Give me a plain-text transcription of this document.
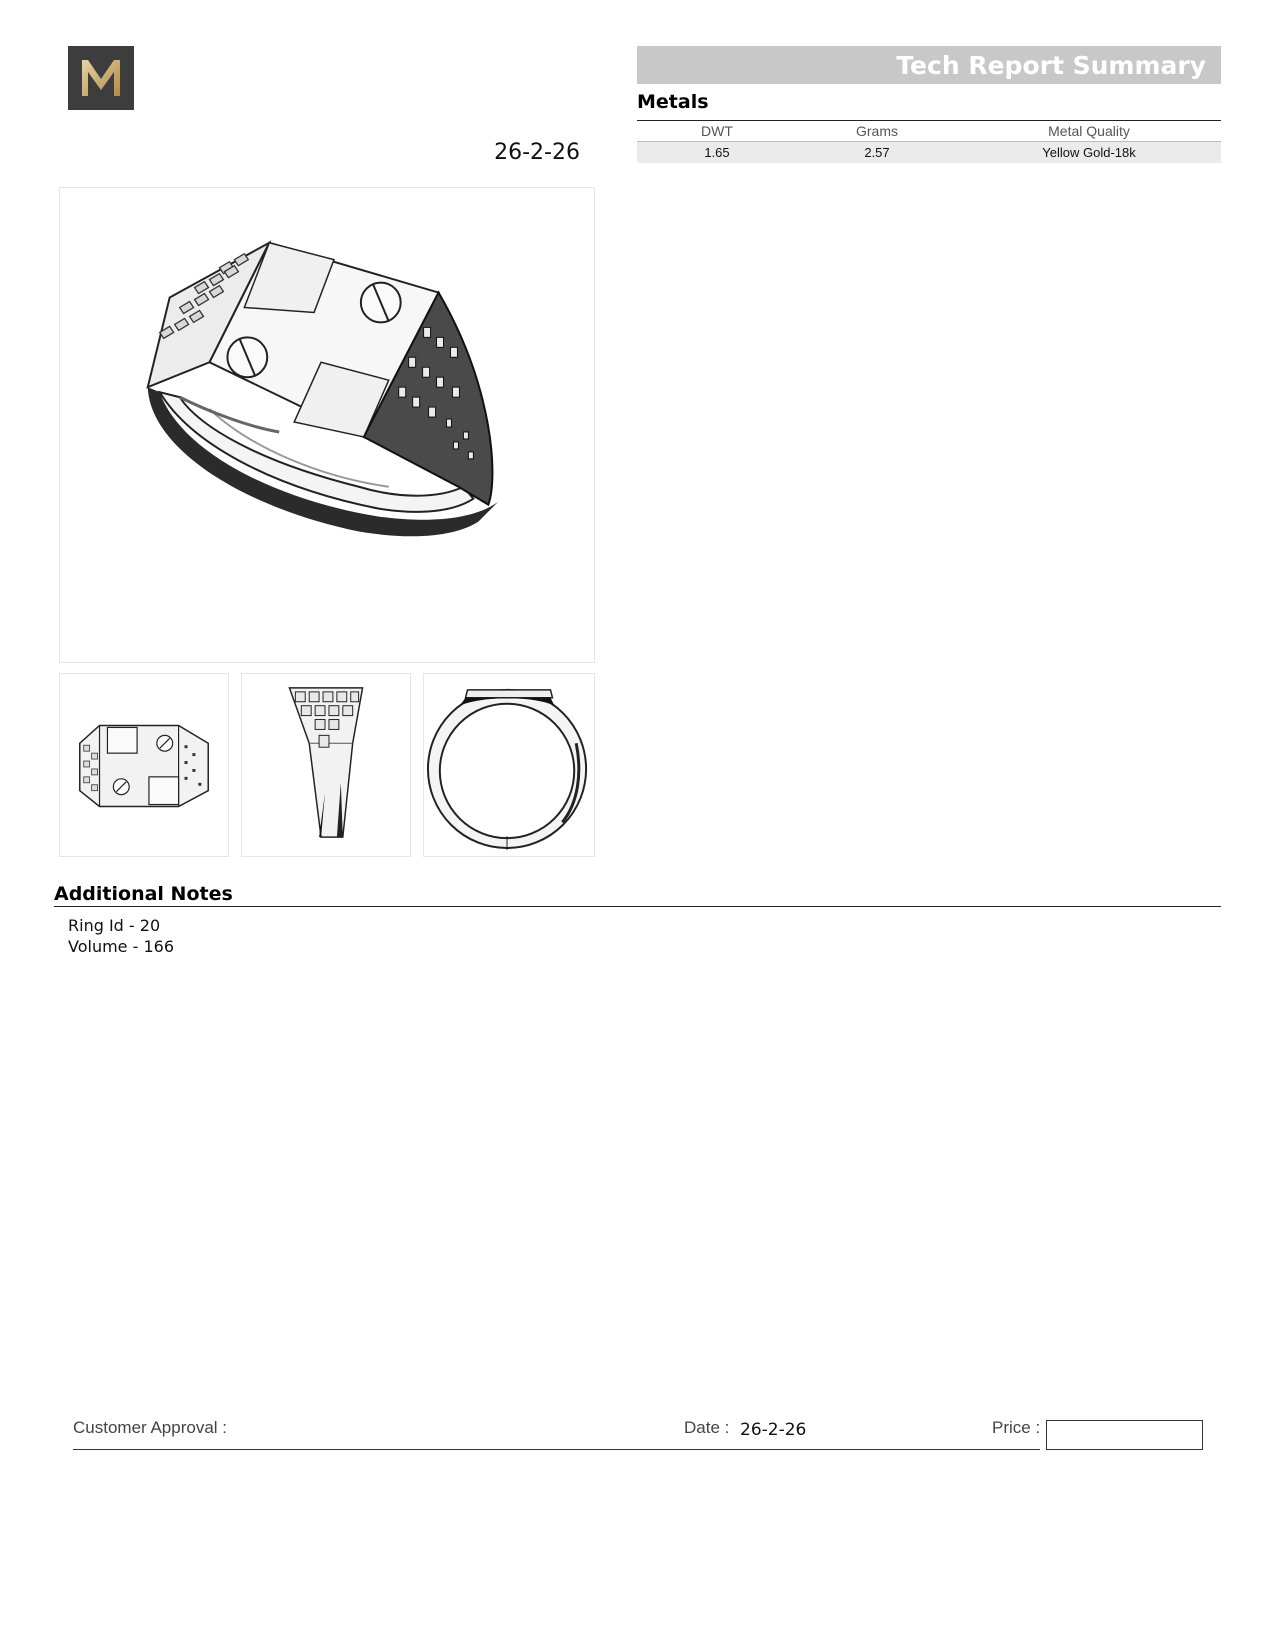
26-2-26
Tech Report Summary
Metals
DWT	Grams	Metal Quality
1.65	2.57	Yellow Gold-18k
Additional Notes
Ring Id - 20
Volume - 166
Customer Approval :	Date : 26-2-26	Price :
